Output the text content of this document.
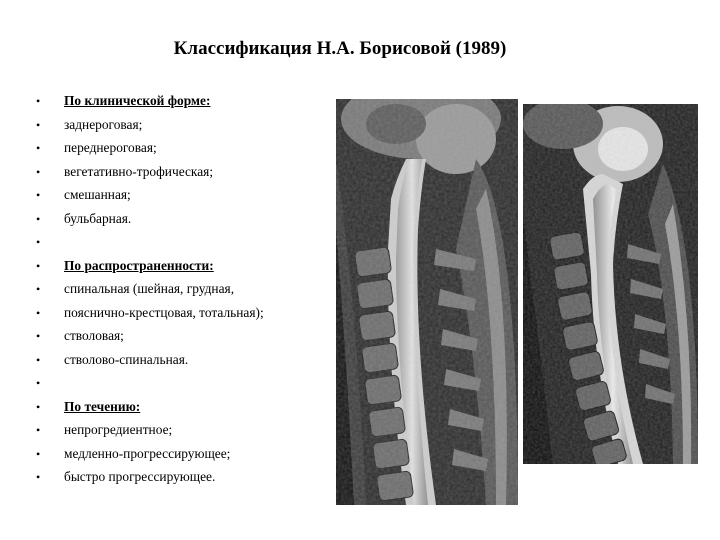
Классификация Н.А. Борисовой (1989)
• По клинической форме:
• заднероговая;
• переднероговая;
• вегетативно-трофическая;
• смешанная;
• бульбарная.
•
• По распространенности:
• спинальная (шейная, грудная,
• пояснично-крестцовая, тотальная);
• стволовая;
• стволово-спинальная.
•
• По течению:
• непрогредиентное;
• медленно-прогрессирующее;
• быстро прогрессирующее.
